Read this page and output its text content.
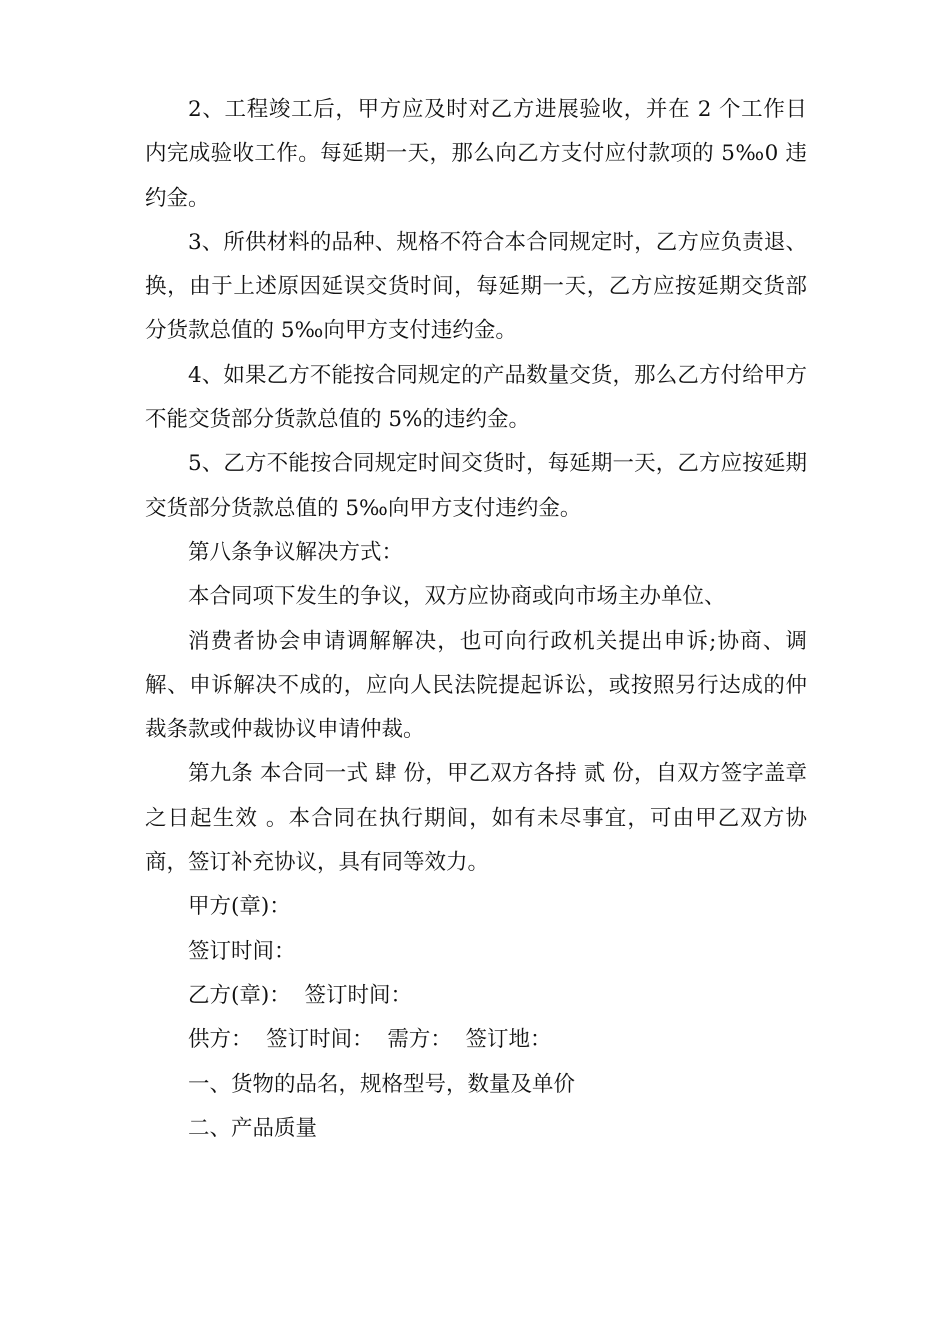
2、工程竣工后，甲方应及时对乙方进展验收，并在 2 个工作日内完成验收工作。每延期一天，那么向乙方支付应付款项的 5‰0 违约金。

3、所供材料的品种、规格不符合本合同规定时，乙方应负责退、换，由于上述原因延误交货时间，每延期一天，乙方应按延期交货部分货款总值的 5‰向甲方支付违约金。

4、如果乙方不能按合同规定的产品数量交货，那么乙方付给甲方不能交货部分货款总值的 5%的违约金。

5、乙方不能按合同规定时间交货时，每延期一天，乙方应按延期交货部分货款总值的 5‰向甲方支付违约金。

第八条争议解决方式：

本合同项下发生的争议，双方应协商或向市场主办单位、

消费者协会申请调解解决，也可向行政机关提出申诉;协商、调解、申诉解决不成的，应向人民法院提起诉讼，或按照另行达成的仲裁条款或仲裁协议申请仲裁。

第九条 本合同一式 肆 份，甲乙双方各持 贰 份，自双方签字盖章之日起生效 。本合同在执行期间，如有未尽事宜，可由甲乙双方协商，签订补充协议，具有同等效力。

甲方(章)：

签订时间：

乙方(章)：  签订时间：

供方：  签订时间：  需方：  签订地：

一、货物的品名，规格型号，数量及单价

二、产品质量
